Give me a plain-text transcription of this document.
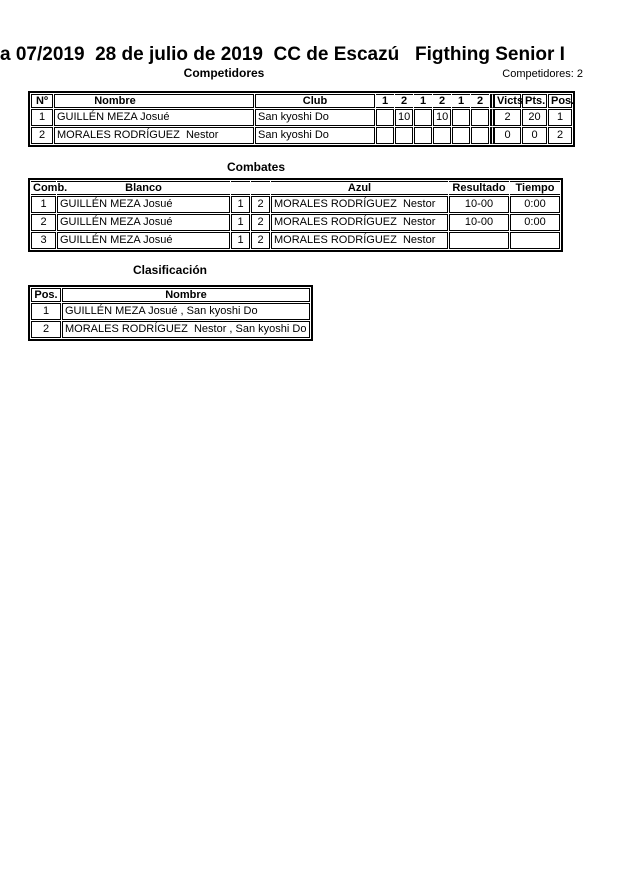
a 07/2019  28 de julio de 2019  CC de Escazú   Figthing Senior I
Competidores	Competidores: 2
Nº	Nombre	Club	1	2	1	2	1	2	Victs	Pts.	Pos.
1	GUILLÉN MEZA Josué	San kyoshi Do		10		10			2	20	1
2	MORALES RODRÍGUEZ  Nestor	San kyoshi Do							0	0	2
Combates
Comb.	Blanco			Azul	Resultado	Tiempo
1	GUILLÉN MEZA Josué	1	2	MORALES RODRÍGUEZ  Nestor	10-00	0:00
2	GUILLÉN MEZA Josué	1	2	MORALES RODRÍGUEZ  Nestor	10-00	0:00
3	GUILLÉN MEZA Josué	1	2	MORALES RODRÍGUEZ  Nestor		
Clasificación
Pos.	Nombre
1	GUILLÉN MEZA Josué , San kyoshi Do
2	MORALES RODRÍGUEZ  Nestor , San kyoshi Do
